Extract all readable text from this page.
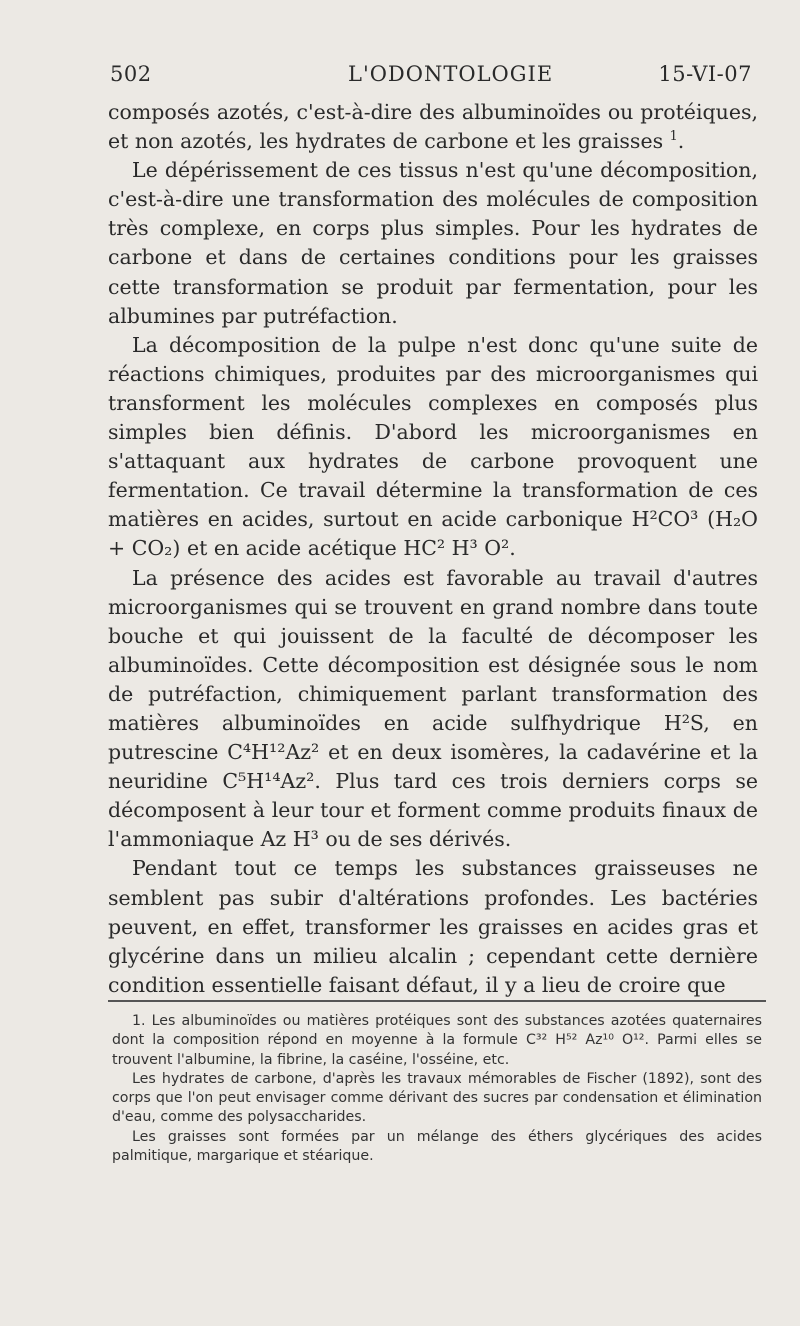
502	L'ODONTOLOGIE	15-VI-07

composés azotés, c'est-à-dire des albuminoïdes ou protéiques, et non azotés, les hydrates de carbone et les graisses $^1$.

Le dépérissement de ces tissus n'est qu'une décomposition, c'est-à-dire une transformation des molécules de composition très complexe, en corps plus simples. Pour les hydrates de carbone et dans de certaines conditions pour les graisses cette transformation se produit par fermentation, pour les albumines par putréfaction.

La décomposition de la pulpe n'est donc qu'une suite de réactions chimiques, produites par des microorganismes qui transforment les molécules complexes en composés plus simples bien définis. D'abord les microorganismes en s'attaquant aux hydrates de carbone provoquent une fermentation. Ce travail détermine la transformation de ces matières en acides, surtout en acide carbonique H²CO³ (H₂O + CO₂) et en acide acétique HC² H³ O².

La présence des acides est favorable au travail d'autres microorganismes qui se trouvent en grand nombre dans toute bouche et qui jouissent de la faculté de décomposer les albuminoïdes. Cette décomposition est désignée sous le nom de putréfaction, chimiquement parlant transformation des matières albuminoïdes en acide sulfhydrique H²S, en putrescine C⁴H¹²Az² et en deux isomères, la cadavérine et la neuridine C⁵H¹⁴Az². Plus tard ces trois derniers corps se décomposent à leur tour et forment comme produits finaux de l'ammoniaque Az H³ ou de ses dérivés.

Pendant tout ce temps les substances graisseuses ne semblent pas subir d'altérations profondes. Les bactéries peuvent, en effet, transformer les graisses en acides gras et glycérine dans un milieu alcalin ; cependant cette dernière condition essentielle faisant défaut, il y a lieu de croire que

1. Les albuminoïdes ou matières protéiques sont des substances azotées quaternaires dont la composition répond en moyenne à la formule C³² H⁵² Az¹⁰ O¹². Parmi elles se trouvent l'albumine, la fibrine, la caséine, l'osséine, etc.

Les hydrates de carbone, d'après les travaux mémorables de Fischer (1892), sont des corps que l'on peut envisager comme dérivant des sucres par condensation et élimination d'eau, comme des polysaccharides.

Les graisses sont formées par un mélange des éthers glycériques des acides palmitique, margarique et stéarique.
